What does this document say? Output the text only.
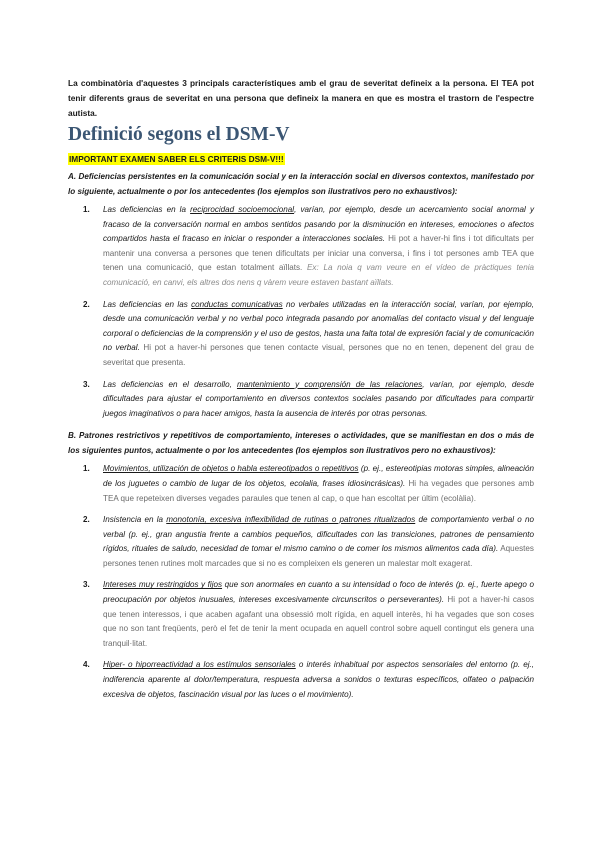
La combinatòria d'aquestes 3 principals característiques amb el grau de severitat defineix a la persona. El TEA pot tenir diferents graus de severitat en una persona que defineix la manera en que es mostra el trastorn de l'espectre autista.

Definició segons el DSM-V
IMPORTANT EXAMEN SABER ELS CRITERIS DSM-V!!!

A. Deficiencias persistentes en la comunicación social y en la interacción social en diversos contextos, manifestado por lo siguiente, actualmente o por los antecedentes (los ejemplos son ilustrativos pero no exhaustivos):

1. Las deficiencias en la reciprocidad socioemocional, varían, por ejemplo, desde un acercamiento social anormal y fracaso de la conversación normal en ambos sentidos pasando por la disminución en intereses, emociones o afectos compartidos hasta el fracaso en iniciar o responder a interacciones sociales. Hi pot a haver-hi fins i tot dificultats per mantenir una conversa a persones que tenen dificultats per iniciar una conversa, i fins i tot persones amb TEA que tenen una comunicació, que estan totalment aïllats. Ex: La noia q vam veure en el vídeo de pràctiques tenia comunicació, en canvi, els altres dos nens q vàrem veure estaven bastant aïllats.
2. Las deficiencias en las conductas comunicativas no verbales utilizadas en la interacción social, varían, por ejemplo, desde una comunicación verbal y no verbal poco integrada pasando por anomalías del contacto visual y del lenguaje corporal o deficiencias de la comprensión y el uso de gestos, hasta una falta total de expresión facial y de comunicación no verbal. Hi pot a haver-hi persones que tenen contacte visual, persones que no en tenen, depenent del grau de severitat que presenta.
3. Las deficiencias en el desarrollo, mantenimiento y comprensión de las relaciones, varían, por ejemplo, desde dificultades para ajustar el comportamiento en diversos contextos sociales pasando por dificultades para compartir juegos imaginativos o para hacer amigos, hasta la ausencia de interés por otras personas.

B. Patrones restrictivos y repetitivos de comportamiento, intereses o actividades, que se manifiestan en dos o más de los siguientes puntos, actualmente o por los antecedentes (los ejemplos son ilustrativos pero no exhaustivos):

1. Movimientos, utilización de objetos o habla estereotipados o repetitivos (p. ej., estereotipias motoras simples, alineación de los juguetes o cambio de lugar de los objetos, ecolalia, frases idiosincrásicas). Hi ha vegades que persones amb TEA que repeteixen diverses vegades paraules que tenen al cap, o que han escoltat per últim (ecolàlia).
2. Insistencia en la monotonía, excesiva inflexibilidad de rutinas o patrones ritualizados de comportamiento verbal o no verbal (p. ej., gran angustia frente a cambios pequeños, dificultades con las transiciones, patrones de pensamiento rígidos, rituales de saludo, necesidad de tomar el mismo camino o de comer los mismos alimentos cada día). Aquestes persones tenen rutines molt marcades que si no es compleixen els generen un malestar molt exagerat.
3. Intereses muy restringidos y fijos que son anormales en cuanto a su intensidad o foco de interés (p. ej., fuerte apego o preocupación por objetos inusuales, intereses excesivamente circunscritos o perseverantes). Hi pot a haver-hi casos que tenen interessos, i que acaben agafant una obsessió molt rígida, en aquell interès, hi ha vegades que son coses que no son tant freqüents, però el fet de tenir la ment ocupada en aquell control sobre aquell contingut els genera una tranquil·litat.
4. Hiper- o hiporreactividad a los estímulos sensoriales o interés inhabitual por aspectos sensoriales del entorno (p. ej., indiferencia aparente al dolor/temperatura, respuesta adversa a sonidos o texturas específicos, olfateo o palpación excesiva de objetos, fascinación visual por las luces o el movimiento).
